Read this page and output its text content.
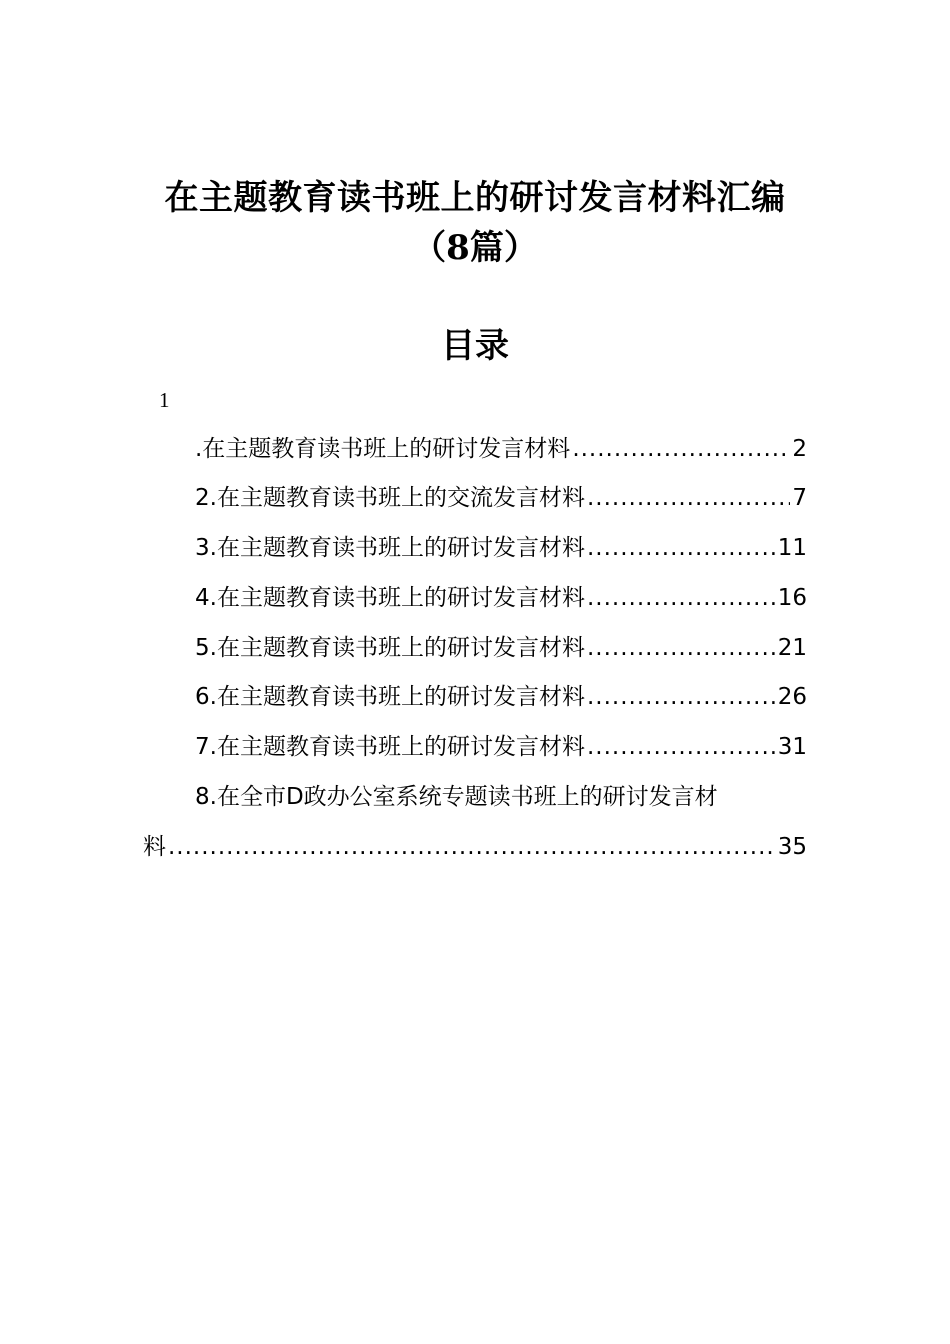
在主题教育读书班上的研讨发言材料汇编
（8篇）
目录
1
.在主题教育读书班上的研讨发言材料 .....	2
2.在主题教育读书班上的交流发言材料 .....	7
3.在主题教育读书班上的研讨发言材料 .....	11
4.在主题教育读书班上的研讨发言材料 .....	16
5.在主题教育读书班上的研讨发言材料 .....	21
6.在主题教育读书班上的研讨发言材料 .....	26
7.在主题教育读书班上的研讨发言材料 .....	31
8.在全市D政办公室系统专题读书班上的研讨发言材
料 .....	35
